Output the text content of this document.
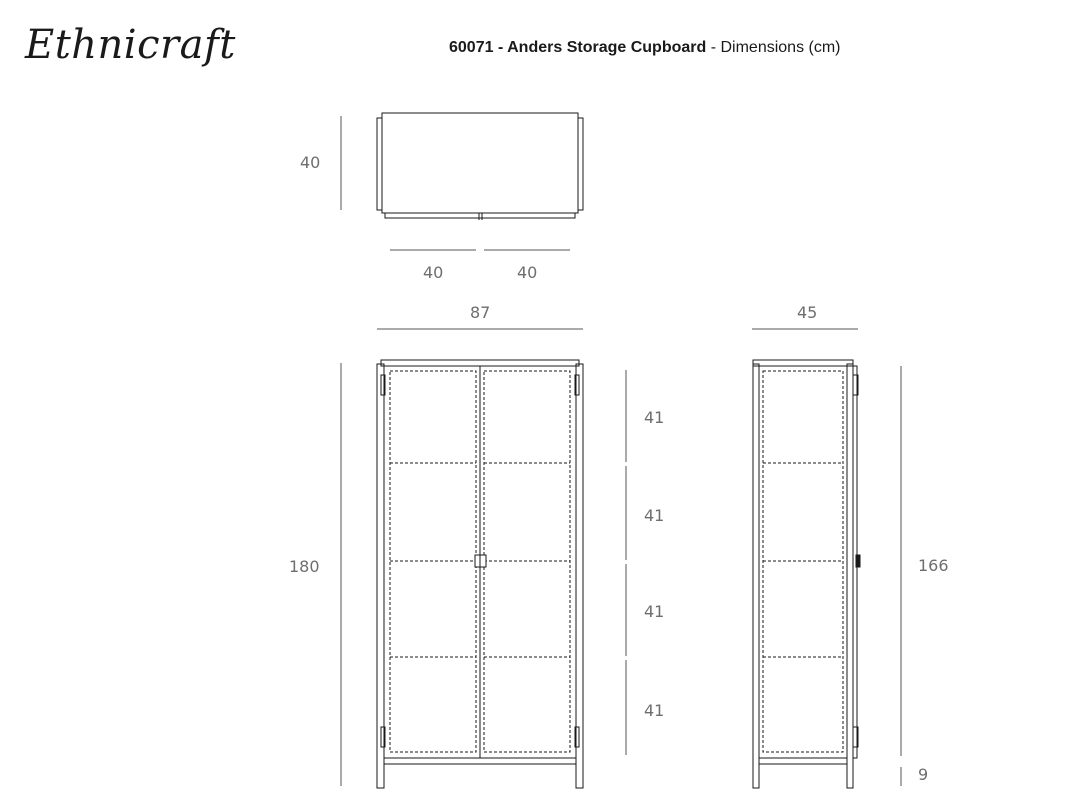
Ethnicraft	60071 - Anders Storage Cupboard - Dimensions (cm)
40
40	40
87
180
41
41
41
41
45
166
9
